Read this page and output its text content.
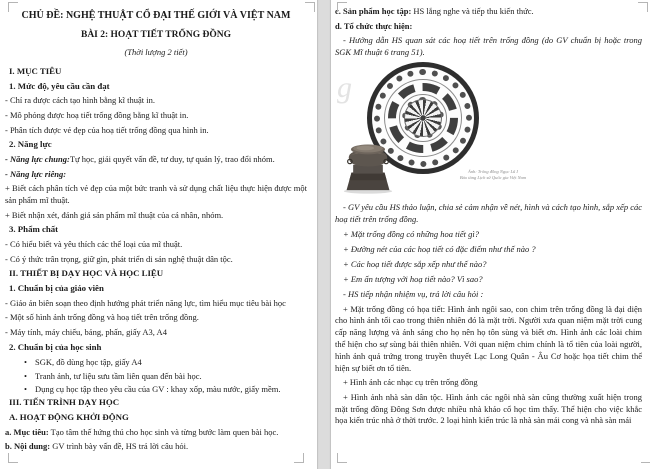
CHỦ ĐỀ: NGHỆ THUẬT CỔ ĐẠI THẾ GIỚI VÀ VIỆT NAM
BÀI 2: HOẠT TIẾT TRỐNG ĐỒNG
(Thời lượng 2 tiết)
I. MỤC TIÊU
1. Mức độ, yêu cầu cần đạt
- Chỉ ra được cách tạo hình bằng kĩ thuật in.
- Mô phỏng được hoạ tiết trống đồng bằng kĩ thuật in.
- Phân tích được vẻ đẹp của hoạ tiết trống đồng qua hình in.
2. Năng lực
- Năng lực chung:Tự học, giải quyết vấn đề, tư duy, tự quản lý, trao đổi nhóm.
- Năng lực riêng:
+ Biết cách phân tích vẻ đẹp của một bức tranh và sử dụng chất liệu thực hiện được một sản phẩm mĩ thuật.
+ Biết nhận xét, đánh giá sản phẩm mĩ thuật của cá nhân, nhóm.
3. Phẩm chất
- Có hiểu biết và yêu thích các thể loại của mĩ thuật.
- Có ý thức trân trọng, giữ gìn, phát triển di sản nghệ thuật dân tộc.
II. THIẾT BỊ DẠY HỌC VÀ HỌC LIỆU
1. Chuẩn bị của giáo viên
- Giáo án biên soạn theo định hướng phát triển năng lực, tìm hiểu mục tiêu bài học
- Một số hình ảnh trống đồng và hoạ tiết trên trống đồng.
- Máy tính, máy chiếu, bảng, phấn, giấy A3, A4
2. Chuẩn bị của học sinh
• SGK, đồ dùng học tập, giấy A4
• Tranh ảnh, tư liệu sưu tầm liên quan đến bài học.
• Dụng cụ học tập theo yêu cầu của GV : khay xốp, màu nước, giấy mềm.
III. TIẾN TRÌNH DẠY HỌC
A. HOẠT ĐỘNG KHỞI ĐỘNG
a. Mục tiêu: Tạo tâm thế hứng thú cho học sinh và từng bước làm quen bài học.
b. Nội dung: GV trình bày vấn đề, HS trả lời câu hỏi.
c. Sản phẩm học tập: HS lắng nghe và tiếp thu kiến thức.
d. Tổ chức thực hiện:
- Hướng dẫn HS quan sát các hoạ tiết trên trống đồng (do GV chuẩn bị hoặc trong SGK Mĩ thuật 6 trang 51).
g
Ảnh: Trống đồng Ngọc Lũ I
Bảo tàng Lịch sử Quốc gia Việt Nam
- GV yêu cầu HS thảo luận, chia sẻ cảm nhận về nét, hình và cách tạo hình, sắp xếp các hoạ tiết trên trống đồng.
+ Mặt trống đồng có những hoa tiết gì?
+ Đường nét của các hoạ tiết có đặc điểm như thế nào ?
+ Các hoạ tiết được sắp xếp như thế nào?
+ Em ấn tượng với hoạ tiết nào? Vì sao?
- HS tiếp nhận nhiệm vụ, trả lời câu hỏi :
+ Mặt trống đồng có họa tiết: Hình ảnh ngôi sao, con chim trên trống đồng là đại diện cho hình ảnh tối cao trong thiên nhiên đó là mặt trời. Người xưa quan niệm mặt trời cung cấp năng lượng và ánh sáng cho họ nên họ tôn sùng và biết ơn. Hình ảnh các loài chim thể hiện cho sự sùng bái thiên nhiên. Với quan niệm chim chính là tổ tiên của loài người, hình ảnh quả trứng trong truyền thuyết Lạc Long Quân - Âu Cơ hoặc họa tiết chim thể hiện sự biết ơn tổ tiên.
+ Hình ảnh các nhạc cụ trên trống đồng
+ Hình ảnh nhà sàn dân tộc. Hình ảnh các ngôi nhà sàn cũng thường xuất hiện trong mặt trống đồng Đông Sơn được nhiều nhà khảo cổ học tìm thấy. Thể hiện cho việc khắc họa kiến trúc nhà ở thời trước. 2 loại hình kiến trúc là nhà sàn mái cong và nhà sàn mái
